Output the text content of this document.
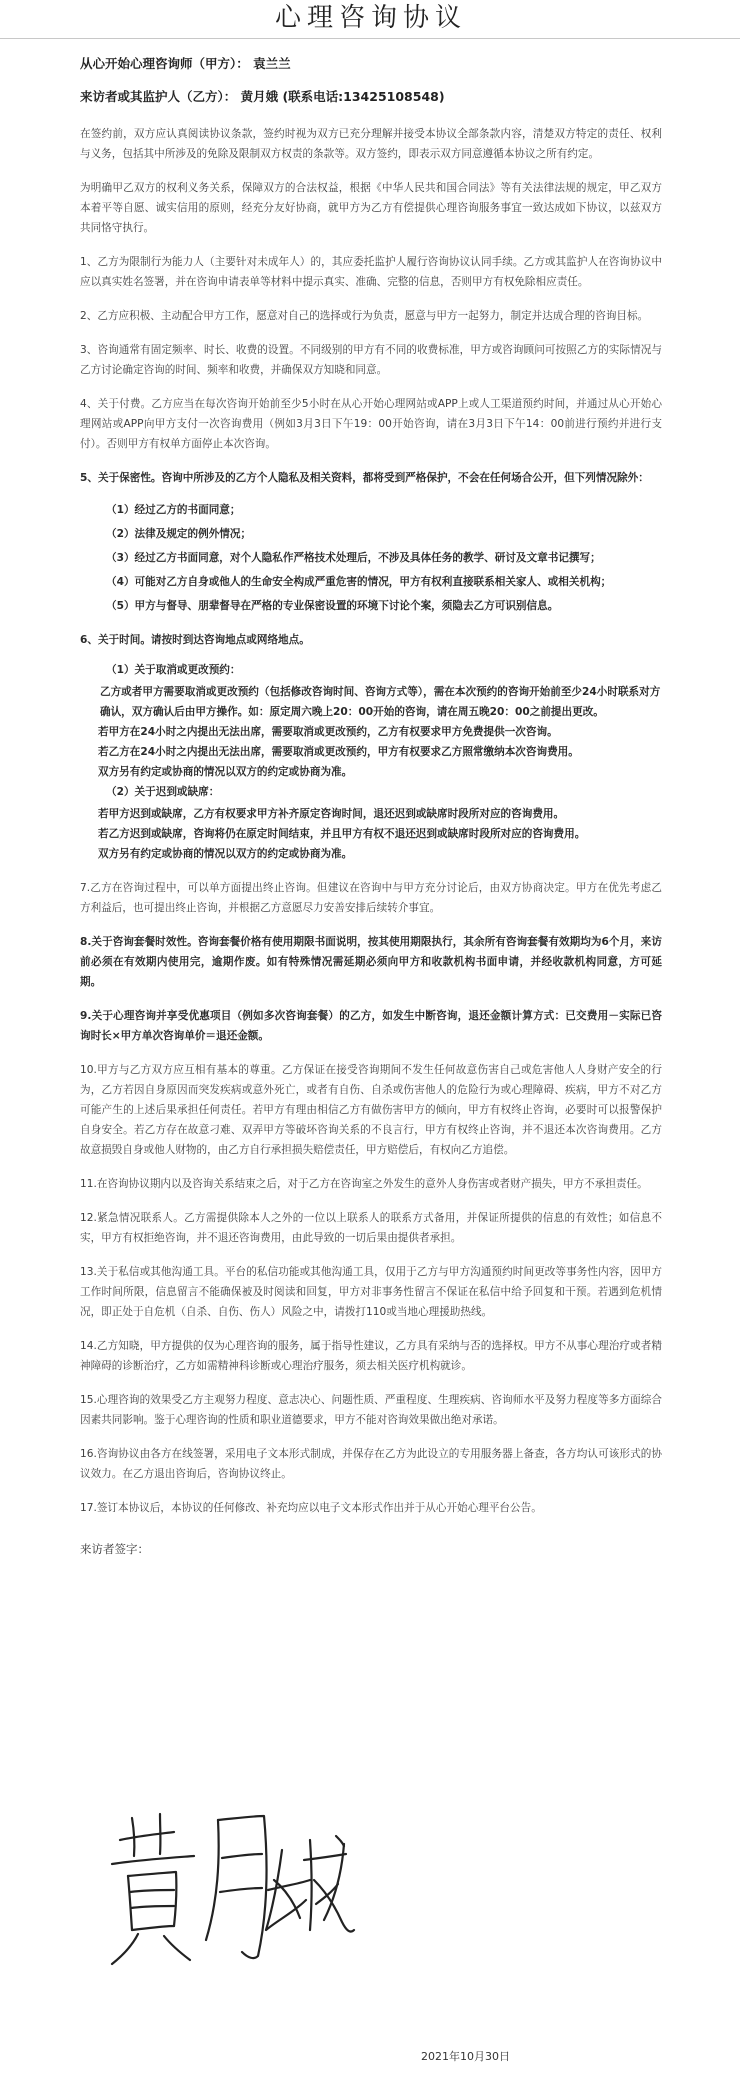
心理咨询协议
从心开始心理咨询师（甲方）： 袁兰兰
来访者或其监护人（乙方）： 黄月娥 (联系电话:13425108548)

在签约前，双方应认真阅读协议条款，签约时视为双方已充分理解并接受本协议全部条款内容，清楚双方特定的责任、权利与义务，包括其中所涉及的免除及限制双方权责的条款等。双方签约，即表示双方同意遵循本协议之所有约定。

为明确甲乙双方的权利义务关系，保障双方的合法权益，根据《中华人民共和国合同法》等有关法律法规的规定，甲乙双方本着平等自愿、诚实信用的原则，经充分友好协商，就甲方为乙方有偿提供心理咨询服务事宜一致达成如下协议，以兹双方共同恪守执行。

1、乙方为限制行为能力人（主要针对未成年人）的，其应委托监护人履行咨询协议认同手续。乙方或其监护人在咨询协议中应以真实姓名签署，并在咨询申请表单等材料中提示真实、准确、完整的信息，否则甲方有权免除相应责任。

2、乙方应积极、主动配合甲方工作，愿意对自己的选择或行为负责，愿意与甲方一起努力，制定并达成合理的咨询目标。

3、咨询通常有固定频率、时长、收费的设置。不同级别的甲方有不同的收费标准，甲方或咨询顾问可按照乙方的实际情况与乙方讨论确定咨询的时间、频率和收费，并确保双方知晓和同意。

4、关于付费。乙方应当在每次咨询开始前至少5小时在从心开始心理网站或APP上或人工渠道预约时间，并通过从心开始心理网站或APP向甲方支付一次咨询费用（例如3月3日下午19：00开始咨询，请在3月3日下午14：00前进行预约并进行支付）。否则甲方有权单方面停止本次咨询。

5、关于保密性。咨询中所涉及的乙方个人隐私及相关资料，都将受到严格保护，不会在任何场合公开，但下列情况除外：

（1）经过乙方的书面同意；
（2）法律及规定的例外情况；
（3）经过乙方书面同意，对个人隐私作严格技术处理后，不涉及具体任务的教学、研讨及文章书记撰写；
（4）可能对乙方自身或他人的生命安全构成严重危害的情况，甲方有权利直接联系相关家人、或相关机构；
（5）甲方与督导、朋辈督导在严格的专业保密设置的环境下讨论个案，须隐去乙方可识别信息。

6、关于时间。请按时到达咨询地点或网络地点。

（1）关于取消或更改预约：
乙方或者甲方需要取消或更改预约（包括修改咨询时间、咨询方式等），需在本次预约的咨询开始前至少24小时联系对方确认，双方确认后由甲方操作。如：原定周六晚上20：00开始的咨询，请在周五晚20：00之前提出更改。
若甲方在24小时之内提出无法出席，需要取消或更改预约，乙方有权要求甲方免费提供一次咨询。
若乙方在24小时之内提出无法出席，需要取消或更改预约，甲方有权要求乙方照常缴纳本次咨询费用。
双方另有约定或协商的情况以双方的约定或协商为准。
（2）关于迟到或缺席：
若甲方迟到或缺席，乙方有权要求甲方补齐原定咨询时间，退还迟到或缺席时段所对应的咨询费用。
若乙方迟到或缺席，咨询将仍在原定时间结束，并且甲方有权不退还迟到或缺席时段所对应的咨询费用。
双方另有约定或协商的情况以双方的约定或协商为准。

7.乙方在咨询过程中，可以单方面提出终止咨询。但建议在咨询中与甲方充分讨论后，由双方协商决定。甲方在优先考虑乙方利益后，也可提出终止咨询，并根据乙方意愿尽力安善安排后续转介事宜。

8.关于咨询套餐时效性。咨询套餐价格有使用期限书面说明，按其使用期限执行，其余所有咨询套餐有效期均为6个月，来访前必须在有效期内使用完，逾期作废。如有特殊情况需延期必须向甲方和收款机构书面申请，并经收款机构同意，方可延期。

9.关于心理咨询并享受优惠项目（例如多次咨询套餐）的乙方，如发生中断咨询，退还金额计算方式：已交费用－实际已咨询时长×甲方单次咨询单价＝退还金额。

10.甲方与乙方双方应互相有基本的尊重。乙方保证在接受咨询期间不发生任何故意伤害自己或危害他人人身财产安全的行为，乙方若因自身原因而突发疾病或意外死亡，或者有自伤、自杀或伤害他人的危险行为或心理障碍、疾病，甲方不对乙方可能产生的上述后果承担任何责任。若甲方有理由相信乙方有做伤害甲方的倾向，甲方有权终止咨询，必要时可以报警保护自身安全。若乙方存在故意刁难、双弄甲方等破坏咨询关系的不良言行，甲方有权终止咨询，并不退还本次咨询费用。乙方故意损毁自身或他人财物的，由乙方自行承担损失赔偿责任，甲方赔偿后，有权向乙方追偿。

11.在咨询协议期内以及咨询关系结束之后，对于乙方在咨询室之外发生的意外人身伤害或者财产损失，甲方不承担责任。

12.紧急情况联系人。乙方需提供除本人之外的一位以上联系人的联系方式备用，并保证所提供的信息的有效性；如信息不实，甲方有权拒绝咨询，并不退还咨询费用，由此导致的一切后果由提供者承担。

13.关于私信或其他沟通工具。平台的私信功能或其他沟通工具，仅用于乙方与甲方沟通预约时间更改等事务性内容，因甲方工作时间所限，信息留言不能确保被及时阅读和回复，甲方对非事务性留言不保证在私信中给予回复和干预。若遇到危机情况，即正处于自危机（自杀、自伤、伤人）风险之中，请拨打110或当地心理援助热线。

14.乙方知晓，甲方提供的仅为心理咨询的服务，属于指导性建议，乙方具有采纳与否的选择权。甲方不从事心理治疗或者精神障碍的诊断治疗，乙方如需精神科诊断或心理治疗服务，须去相关医疗机构就诊。

15.心理咨询的效果受乙方主观努力程度、意志决心、问题性质、严重程度、生理疾病、咨询师水平及努力程度等多方面综合因素共同影响。鉴于心理咨询的性质和职业道德要求，甲方不能对咨询效果做出绝对承诺。

16.咨询协议由各方在线签署，采用电子文本形式制成，并保存在乙方为此设立的专用服务器上备查，各方均认可该形式的协议效力。在乙方退出咨询后，咨询协议终止。

17.签订本协议后，本协议的任何修改、补充均应以电子文本形式作出并于从心开始心理平台公告。

来访者签字：
2021年10月30日
